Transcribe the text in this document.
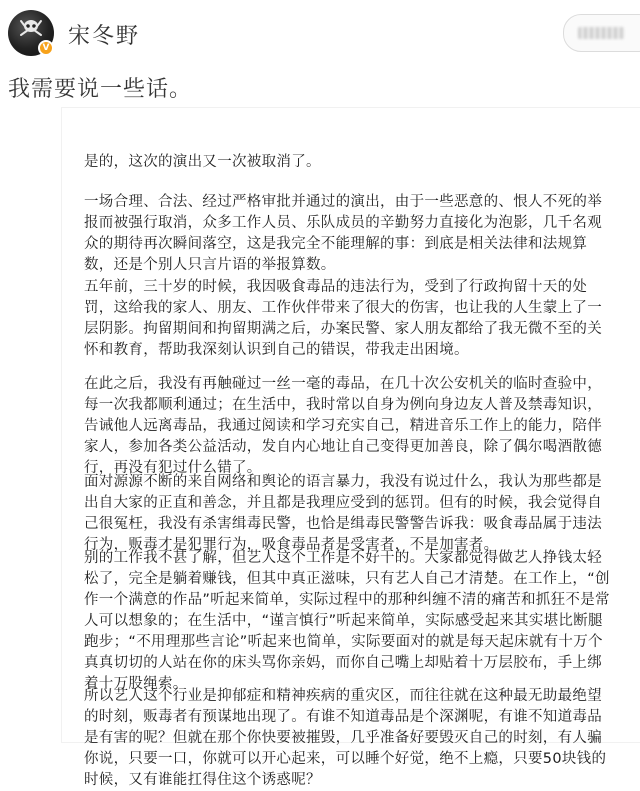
V 宋冬野
我需要说一些话。

是的，这次的演出又一次被取消了。

一场合理、合法、经过严格审批并通过的演出，由于一些恶意的、恨人不死的举报而被强行取消，众多工作人员、乐队成员的辛勤努力直接化为泡影，几千名观众的期待再次瞬间落空，这是我完全不能理解的事：到底是相关法律和法规算数，还是个别人只言片语的举报算数。

五年前，三十岁的时候，我因吸食毒品的违法行为，受到了行政拘留十天的处罚，这给我的家人、朋友、工作伙伴带来了很大的伤害，也让我的人生蒙上了一层阴影。拘留期间和拘留期满之后，办案民警、家人朋友都给了我无微不至的关怀和教育，帮助我深刻认识到自己的错误，带我走出困境。

在此之后，我没有再触碰过一丝一毫的毒品，在几十次公安机关的临时查验中，每一次我都顺利通过；在生活中，我时常以自身为例向身边友人普及禁毒知识，告诫他人远离毒品，我通过阅读和学习充实自己，精进音乐工作上的能力，陪伴家人，参加各类公益活动，发自内心地让自己变得更加善良，除了偶尔喝酒散德行，再没有犯过什么错了。

面对源源不断的来自网络和舆论的语言暴力，我没有说过什么，我认为那些都是出自大家的正直和善念，并且都是我理应受到的惩罚。但有的时候，我会觉得自己很冤枉，我没有杀害缉毒民警，也恰是缉毒民警警告诉我：吸食毒品属于违法行为，贩毒才是犯罪行为，吸食毒品者是受害者，不是加害者。

别的工作我不甚了解，但艺人这个工作是不好干的。大家都觉得做艺人挣钱太轻松了，完全是躺着赚钱，但其中真正滋味，只有艺人自己才清楚。在工作上，“创作一个满意的作品”听起来简单，实际过程中的那种纠缠不清的痛苦和抓狂不是常人可以想象的；在生活中，“谨言慎行”听起来简单，实际感受起来其实堪比断腿跑步；“不用理那些言论”听起来也简单，实际要面对的就是每天起床就有十万个真真切切的人站在你的床头骂你亲妈，而你自己嘴上却贴着十万层胶布，手上绑着十万股绳索。

所以艺人这个行业是抑郁症和精神疾病的重灾区，而往往就在这种最无助最绝望的时刻，贩毒者有预谋地出现了。有谁不知道毒品是个深渊呢，有谁不知道毒品是有害的呢？但就在那个你快要被摧毁，几乎准备好要毁灭自己的时刻，有人骗你说，只要一口，你就可以开心起来，可以睡个好觉，绝不上瘾，只要50块钱的时候，又有谁能扛得住这个诱惑呢？
